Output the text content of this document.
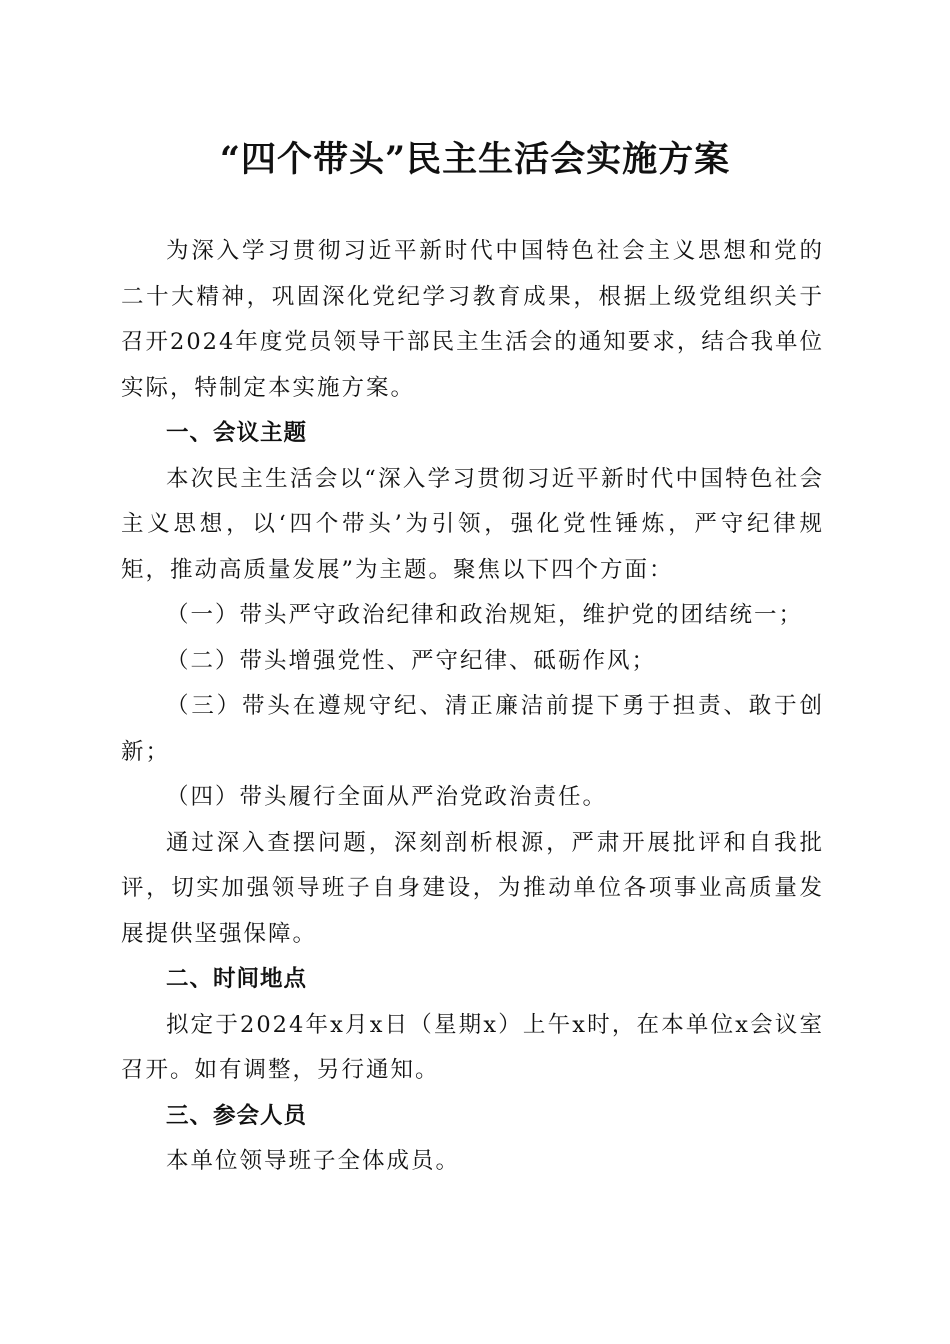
“四个带头”民主生活会实施方案

为深入学习贯彻习近平新时代中国特色社会主义思想和党的二十大精神，巩固深化党纪学习教育成果，根据上级党组织关于召开2024年度党员领导干部民主生活会的通知要求，结合我单位实际，特制定本实施方案。

一、会议主题

本次民主生活会以“深入学习贯彻习近平新时代中国特色社会主义思想，以‘四个带头’为引领，强化党性锤炼，严守纪律规矩，推动高质量发展”为主题。聚焦以下四个方面：

（一）带头严守政治纪律和政治规矩，维护党的团结统一；

（二）带头增强党性、严守纪律、砥砺作风；

（三）带头在遵规守纪、清正廉洁前提下勇于担责、敢于创新；

（四）带头履行全面从严治党政治责任。

通过深入查摆问题，深刻剖析根源，严肃开展批评和自我批评，切实加强领导班子自身建设，为推动单位各项事业高质量发展提供坚强保障。

二、时间地点

拟定于2024年x月x日（星期x）上午x时，在本单位x会议室召开。如有调整，另行通知。

三、参会人员

本单位领导班子全体成员。
